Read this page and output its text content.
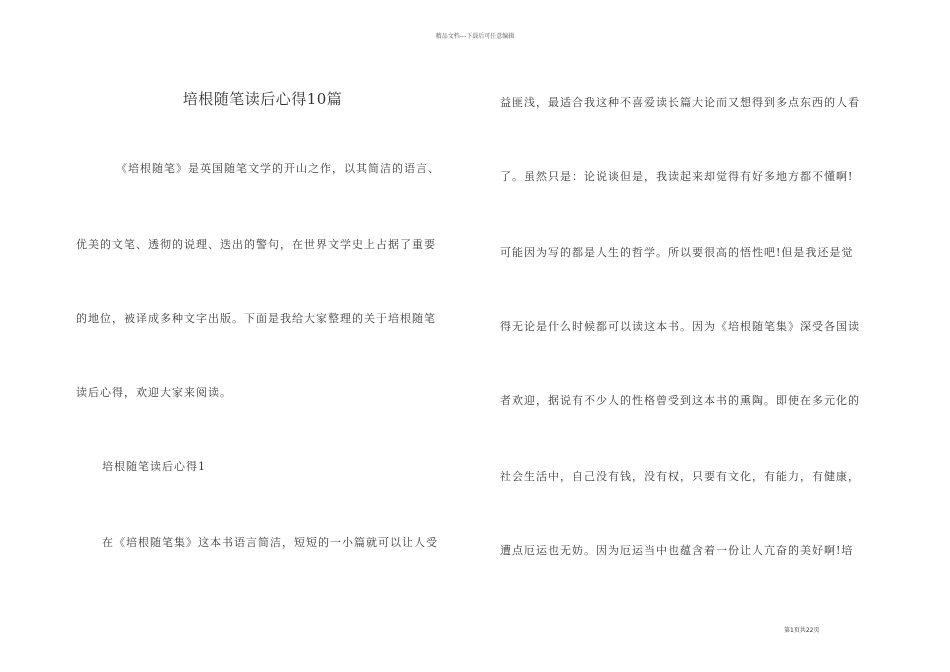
精品文档---下载后可任意编辑
培根随笔读后心得10篇
《培根随笔》是英国随笔文学的开山之作，以其简洁的语言、
优美的文笔、透彻的说理、迭出的警句，在世界文学史上占据了重要
的地位，被译成多种文字出版。下面是我给大家整理的关于培根随笔
读后心得，欢迎大家来阅读。
培根随笔读后心得1
在《培根随笔集》这本书语言简洁，短短的一小篇就可以让人受
益匪浅，最适合我这种不喜爱读长篇大论而又想得到多点东西的人看
了。虽然只是：论说谈但是，我读起来却觉得有好多地方都不懂啊!
可能因为写的都是人生的哲学。所以要很高的悟性吧!但是我还是觉
得无论是什么时候都可以读这本书。因为《培根随笔集》深受各国读
者欢迎，据说有不少人的性格曾受到这本书的熏陶。即使在多元化的
社会生活中，自己没有钱，没有权，只要有文化，有能力，有健康，
遭点厄运也无妨。因为厄运当中也蕴含着一份让人亢奋的美好啊!培
第1页共22页
